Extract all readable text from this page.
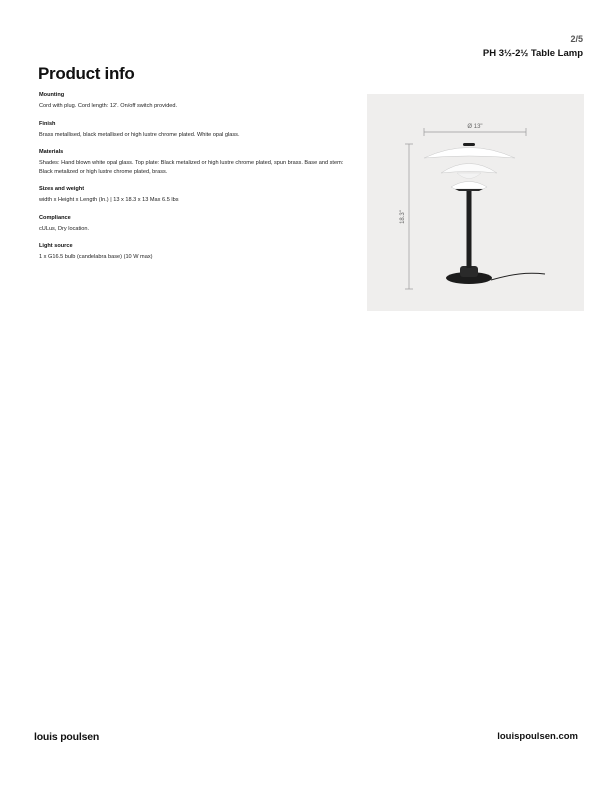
2/5
PH 3½-2½ Table Lamp
Product info
Mounting
Cord with plug. Cord length: 12'. On/off switch provided.
Finish
Brass metallised, black metallised or high lustre chrome plated. White opal glass.
Materials
Shades: Hand blown white opal glass. Top plate: Black metalized or high lustre chrome plated, spun brass. Base and stem: Black metalized or high lustre chrome plated, brass.
Sizes and weight
width x Height x Length (In.) | 13 x 18.3 x 13 Max 6.5 lbs
Compliance
cULus, Dry location.
Light source
1 x G16.5 bulb (candelabra base) (10 W max)
Ø 13"
18.3"
louis poulsen	louispoulsen.com
